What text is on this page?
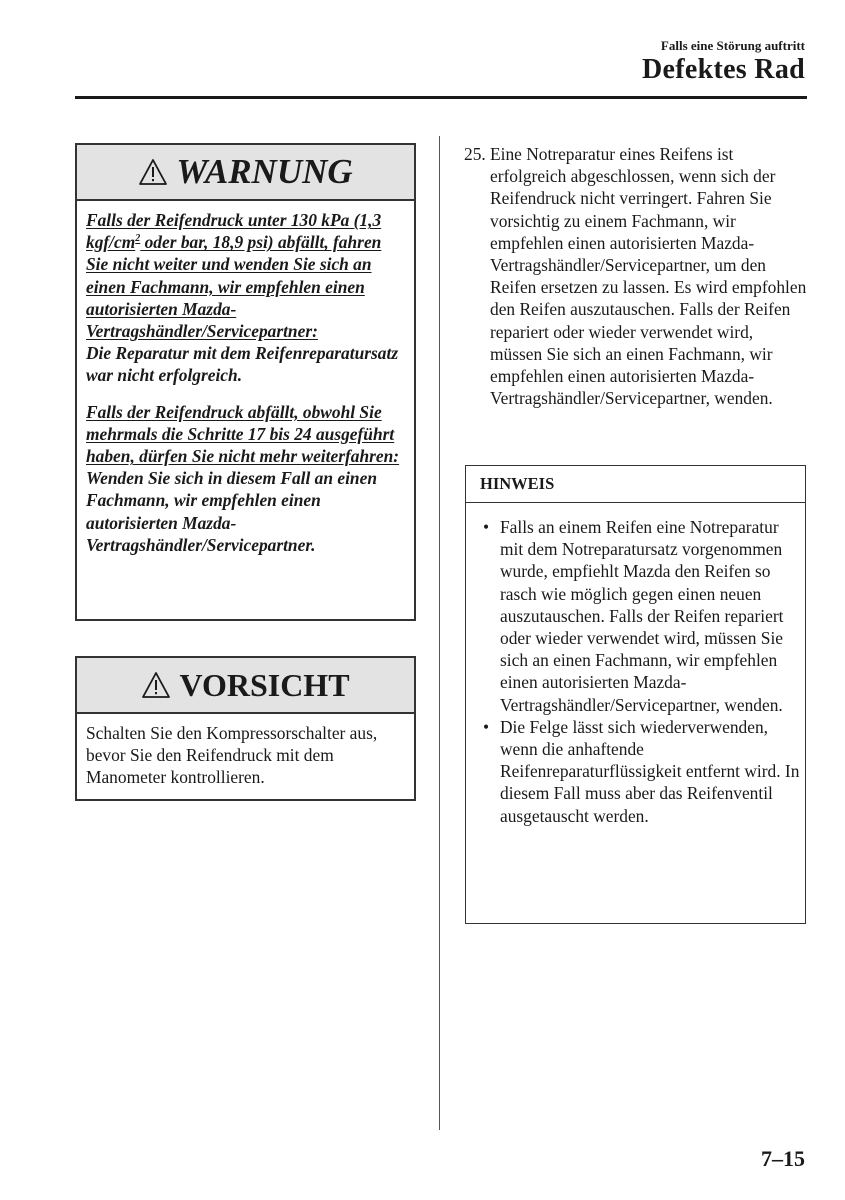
Falls eine Störung auftritt
Defektes Rad
WARNUNG

Falls der Reifendruck unter 130 kPa (1,3 kgf/$cm^2$ oder bar, 18,9 psi) abfällt, fahren Sie nicht weiter und wenden Sie sich an einen Fachmann, wir empfehlen einen autorisierten Mazda-Vertragshändler/Servicepartner:
Die Reparatur mit dem Reifenreparatursatz war nicht erfolgreich.

Falls der Reifendruck abfällt, obwohl Sie mehrmals die Schritte 17 bis 24 ausgeführt haben, dürfen Sie nicht mehr weiterfahren:
Wenden Sie sich in diesem Fall an einen Fachmann, wir empfehlen einen autorisierten Mazda-Vertragshändler/Servicepartner.

VORSICHT
Schalten Sie den Kompressorschalter aus, bevor Sie den Reifendruck mit dem Manometer kontrollieren.
25. Eine Notreparatur eines Reifens ist erfolgreich abgeschlossen, wenn sich der Reifendruck nicht verringert. Fahren Sie vorsichtig zu einem Fachmann, wir empfehlen einen autorisierten Mazda-Vertragshändler/Servicepartner, um den Reifen ersetzen zu lassen. Es wird empfohlen den Reifen auszutauschen. Falls der Reifen repariert oder wieder verwendet wird, müssen Sie sich an einen Fachmann, wir empfehlen einen autorisierten Mazda-Vertragshändler/Servicepartner, wenden.
HINWEIS
• Falls an einem Reifen eine Notreparatur mit dem Notreparatursatz vorgenommen wurde, empfiehlt Mazda den Reifen so rasch wie möglich gegen einen neuen auszutauschen. Falls der Reifen repariert oder wieder verwendet wird, müssen Sie sich an einen Fachmann, wir empfehlen einen autorisierten Mazda-Vertragshändler/Servicepartner, wenden.
• Die Felge lässt sich wiederverwenden, wenn die anhaftende Reifenreparaturflüssigkeit entfernt wird. In diesem Fall muss aber das Reifenventil ausgetauscht werden.
7–15
